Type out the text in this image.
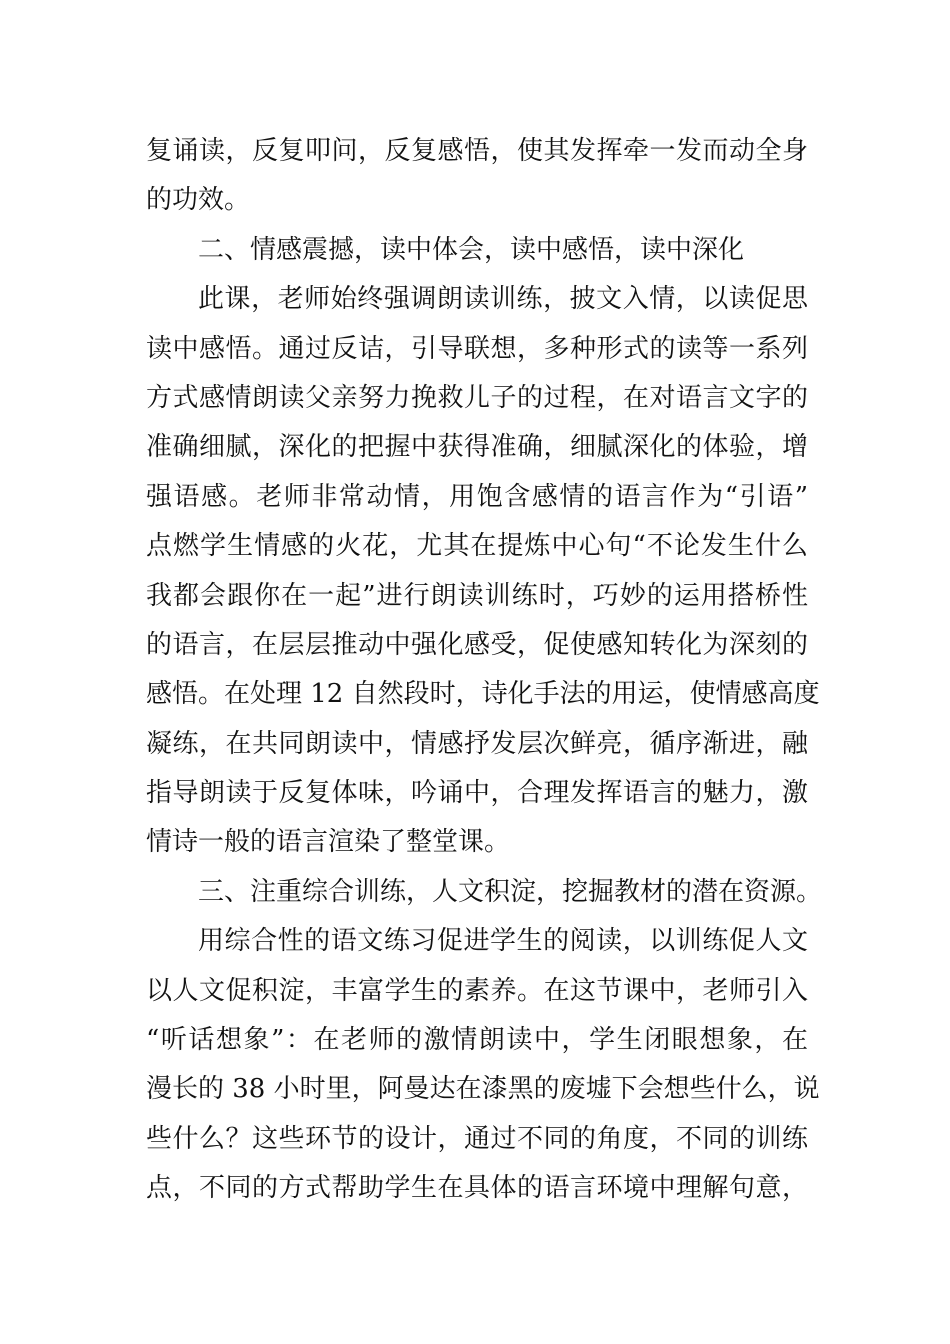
复诵读，反复叩问，反复感悟，使其发挥牵一发而动全身
的功效。
二、情感震撼，读中体会，读中感悟，读中深化
此课，老师始终强调朗读训练，披文入情，以读促思
读中感悟。通过反诘，引导联想，多种形式的读等一系列
方式感情朗读父亲努力挽救儿子的过程，在对语言文字的
准确细腻，深化的把握中获得准确，细腻深化的体验，增
强语感。老师非常动情，用饱含感情的语言作为“引语”
点燃学生情感的火花，尤其在提炼中心句“不论发生什么
我都会跟你在一起”进行朗读训练时，巧妙的运用搭桥性
的语言，在层层推动中强化感受，促使感知转化为深刻的
感悟。在处理 12 自然段时，诗化手法的用运，使情感高度
凝练，在共同朗读中，情感抒发层次鲜亮，循序渐进，融
指导朗读于反复体味，吟诵中，合理发挥语言的魅力，激
情诗一般的语言渲染了整堂课。
三、注重综合训练，人文积淀，挖掘教材的潜在资源。
用综合性的语文练习促进学生的阅读，以训练促人文
以人文促积淀，丰富学生的素养。在这节课中，老师引入
“听话想象”：在老师的激情朗读中，学生闭眼想象，在
漫长的 38 小时里，阿曼达在漆黑的废墟下会想些什么，说
些什么？这些环节的设计，通过不同的角度，不同的训练
点，不同的方式帮助学生在具体的语言环境中理解句意，
